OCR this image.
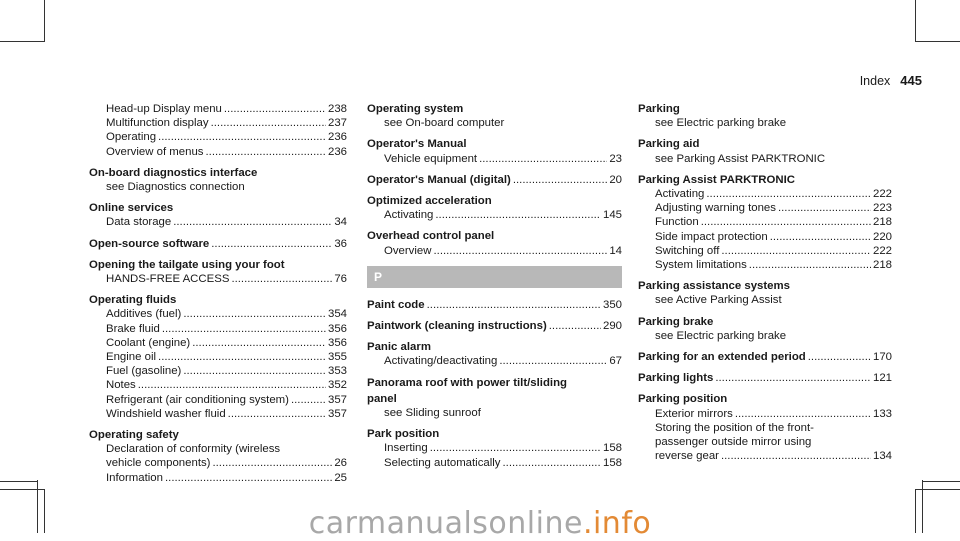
Index 445
Head-up Display menu .....	238
Multifunction display .....	237
Operating .....	236
Overview of menus .....	236
On-board diagnostics interface
see Diagnostics connection
Online services
Data storage .....	34
Open-source software .....	36
Opening the tailgate using your foot
HANDS-FREE ACCESS .....	76
Operating fluids
Additives (fuel) .....	354
Brake fluid .....	356
Coolant (engine) .....	356
Engine oil .....	355
Fuel (gasoline) .....	353
Notes .....	352
Refrigerant (air conditioning system) .....	357
Windshield washer fluid .....	357
Operating safety
Declaration of conformity (wireless
vehicle components) .....	26
Information .....	25
Operating system
see On-board computer
Operator's Manual
Vehicle equipment .....	23
Operator's Manual (digital) .....	20
Optimized acceleration
Activating .....	145
Overhead control panel
Overview .....	14
P
Paint code .....	350
Paintwork (cleaning instructions) .....	290
Panic alarm
Activating/deactivating .....	67
Panorama roof with power tilt/sliding
panel
see Sliding sunroof
Park position
Inserting .....	158
Selecting automatically .....	158
Parking
see Electric parking brake
Parking aid
see Parking Assist PARKTRONIC
Parking Assist PARKTRONIC
Activating .....	222
Adjusting warning tones .....	223
Function .....	218
Side impact protection .....	220
Switching off .....	222
System limitations .....	218
Parking assistance systems
see Active Parking Assist
Parking brake
see Electric parking brake
Parking for an extended period .....	170
Parking lights .....	121
Parking position
Exterior mirrors .....	133
Storing the position of the front-
passenger outside mirror using
reverse gear .....	134
carmanualsonline.info
